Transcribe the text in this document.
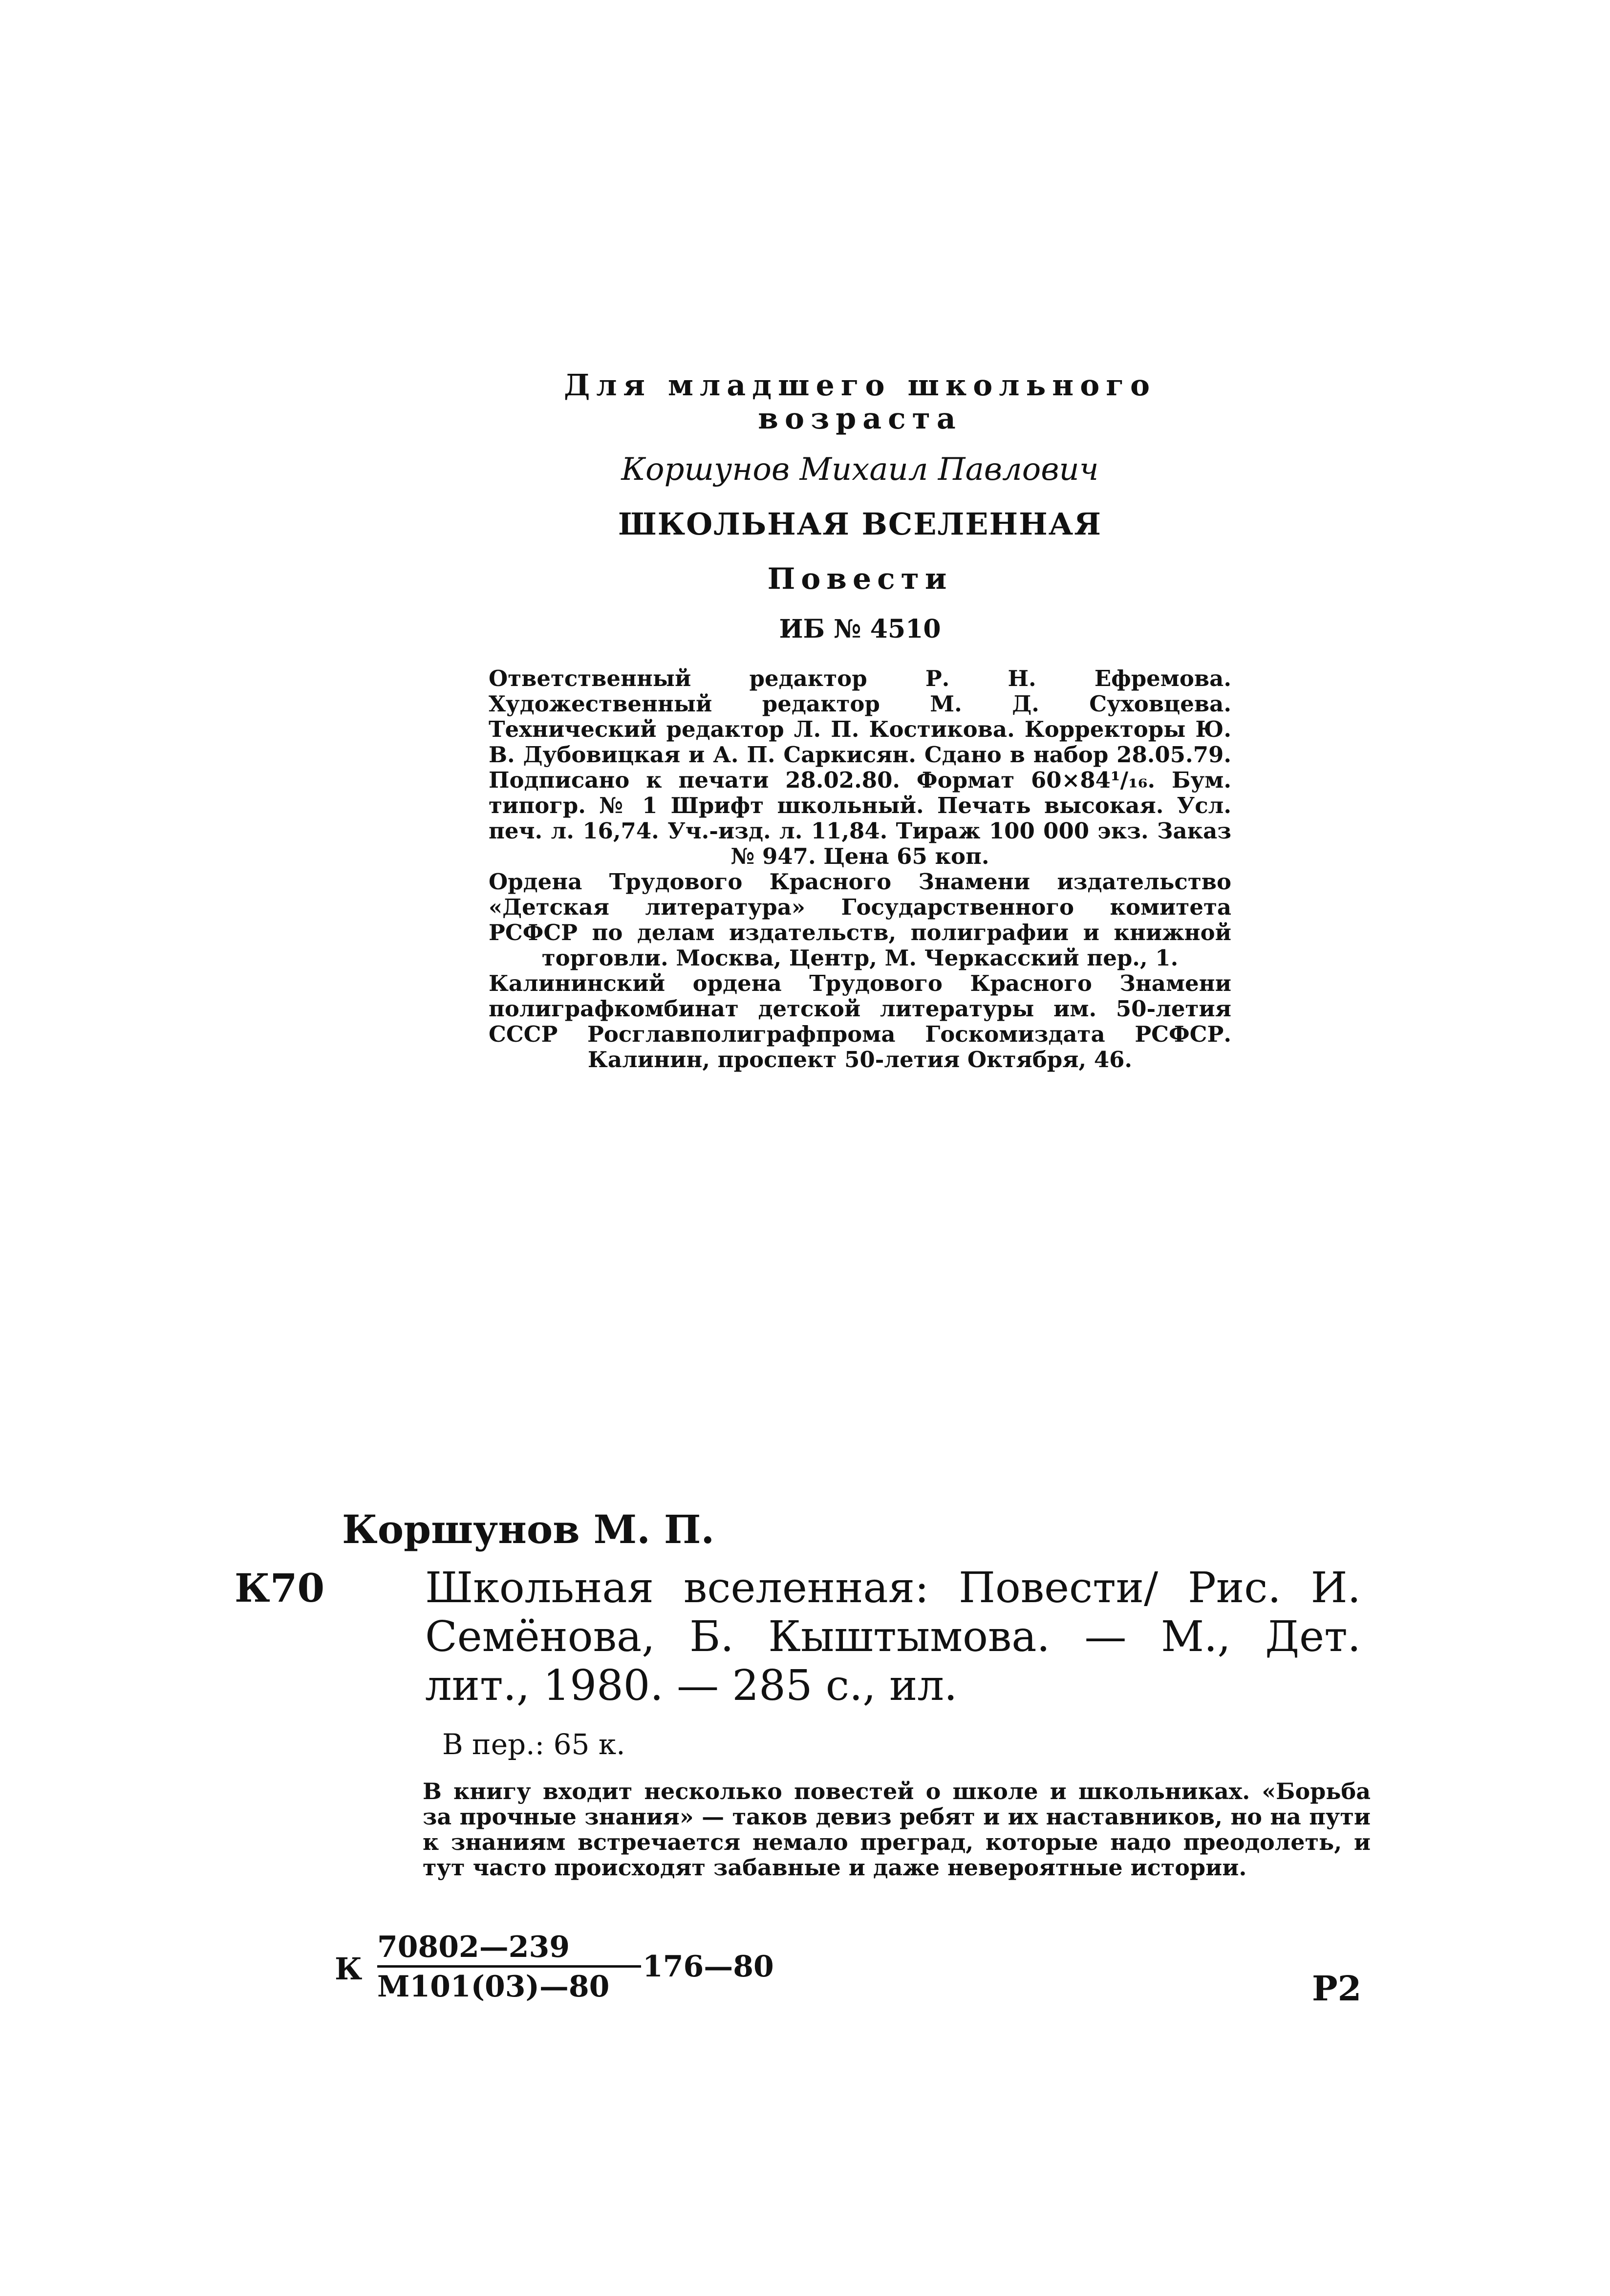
Для младшего школьного
возраста
Коршунов Михаил Павлович
ШКОЛЬНАЯ ВСЕЛЕННАЯ
Повести
ИБ № 4510

Ответственный редактор Р. Н. Ефремова. Художественный редактор М. Д. Суховцева. Технический редактор Л. П. Костикова. Корректоры Ю. В. Дубовицкая и А. П. Саркисян. Сдано в набор 28.05.79. Подписано к печати 28.02.80. Формат 60×84¹/₁₆. Бум. типогр. № 1 Шрифт школьный. Печать высокая. Усл. печ. л. 16,74. Уч.-изд. л. 11,84. Тираж 100 000 экз. Заказ № 947. Цена 65 коп.

Ордена Трудового Красного Знамени издательство «Детская литература» Государственного комитета РСФСР по делам издательств, полиграфии и книжной торговли. Москва, Центр, М. Черкасский пер., 1.

Калининский ордена Трудового Красного Знамени полиграфкомбинат детской литературы им. 50-летия СССР Росглавполиграфпрома Госкомиздата РСФСР. Калинин, проспект 50-летия Октября, 46.

Коршунов М. П.
К70 Школьная вселенная: Повести/ Рис. И. Семёнова, Б. Кыштымова. — М., Дет. лит., 1980. — 285 с., ил.
В пер.: 65 к.
В книгу входит несколько повестей о школе и школьниках. «Борьба за прочные знания» — таков девиз ребят и их наставников, но на пути к знаниям встречается немало преград, которые надо преодолеть, и тут часто происходят забавные и даже невероятные истории.
К
70802—239
М101(03)—80
176—80
Р2
